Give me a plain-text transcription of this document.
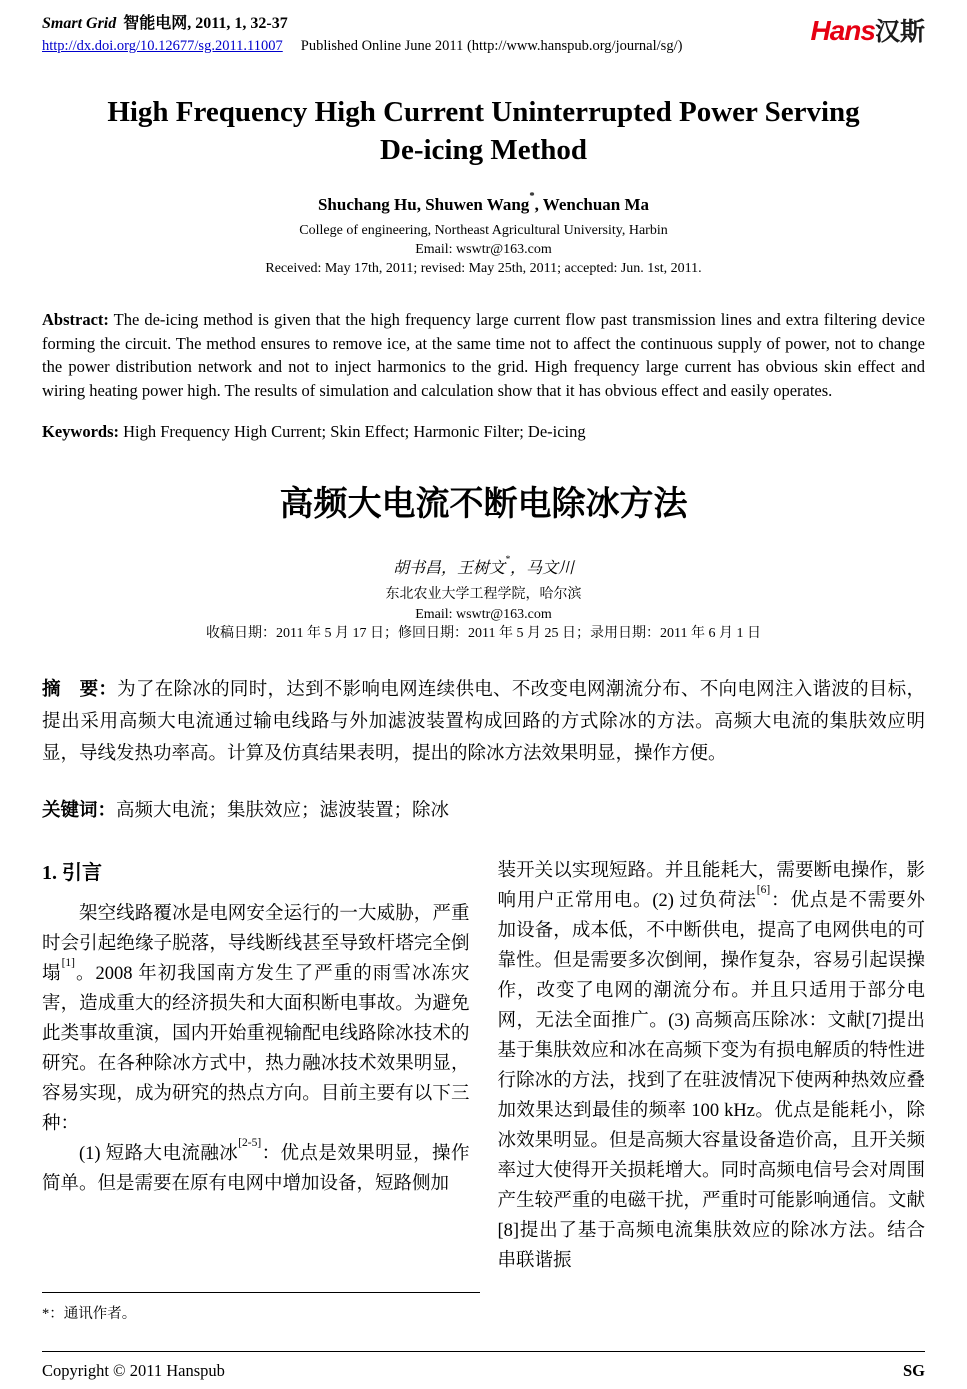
Smart Grid 智能电网, 2011, 1, 32-37
http://dx.doi.org/10.12677/sg.2011.11007 Published Online June 2011 (http://www.hanspub.org/journal/sg/)	Hans汉斯
High Frequency High Current Uninterrupted Power Serving De-icing Method
Shuchang Hu, Shuwen Wang*, Wenchuan Ma
College of engineering, Northeast Agricultural University, Harbin
Email: wswtr@163.com
Received: May 17th, 2011; revised: May 25th, 2011; accepted: Jun. 1st, 2011.

Abstract: The de-icing method is given that the high frequency large current flow past transmission lines and extra filtering device forming the circuit. The method ensures to remove ice, at the same time not to affect the continuous supply of power, not to change the power distribution network and not to inject harmonics to the grid. High frequency large current has obvious skin effect and wiring heating power high. The results of simulation and calculation show that it has obvious effect and easily operates.

Keywords: High Frequency High Current; Skin Effect; Harmonic Filter; De-icing

高频大电流不断电除冰方法
胡书昌，王树文*，马文川
东北农业大学工程学院，哈尔滨
Email: wswtr@163.com
收稿日期：2011 年 5 月 17 日；修回日期：2011 年 5 月 25 日；录用日期：2011 年 6 月 1 日

摘　要：为了在除冰的同时，达到不影响电网连续供电、不改变电网潮流分布、不向电网注入谐波的目标，提出采用高频大电流通过输电线路与外加滤波装置构成回路的方式除冰的方法。高频大电流的集肤效应明显，导线发热功率高。计算及仿真结果表明，提出的除冰方法效果明显，操作方便。

关键词：高频大电流；集肤效应；滤波装置；除冰

1. 引言

架空线路覆冰是电网安全运行的一大威胁，严重时会引起绝缘子脱落，导线断线甚至导致杆塔完全倒塌[1]。2008 年初我国南方发生了严重的雨雪冰冻灾害，造成重大的经济损失和大面积断电事故。为避免此类事故重演，国内开始重视输配电线路除冰技术的研究。在各种除冰方式中，热力融冰技术效果明显，容易实现，成为研究的热点方向。目前主要有以下三种：

(1) 短路大电流融冰[2-5]：优点是效果明显，操作简单。但是需要在原有电网中增加设备，短路侧加

装开关以实现短路。并且能耗大，需要断电操作，影响用户正常用电。(2) 过负荷法[6]：优点是不需要外加设备，成本低，不中断供电，提高了电网供电的可靠性。但是需要多次倒闸，操作复杂，容易引起误操作，改变了电网的潮流分布。并且只适用于部分电网，无法全面推广。(3) 高频高压除冰：文献[7]提出基于集肤效应和冰在高频下变为有损电解质的特性进行除冰的方法，找到了在驻波情况下使两种热效应叠加效果达到最佳的频率 100 kHz。优点是能耗小，除冰效果明显。但是高频大容量设备造价高，且开关频率过大使得开关损耗增大。同时高频电信号会对周围产生较严重的电磁干扰，严重时可能影响通信。文献[8]提出了基于高频电流集肤效应的除冰方法。结合串联谐振

*：通讯作者。
Copyright © 2011 Hanspub	SG
